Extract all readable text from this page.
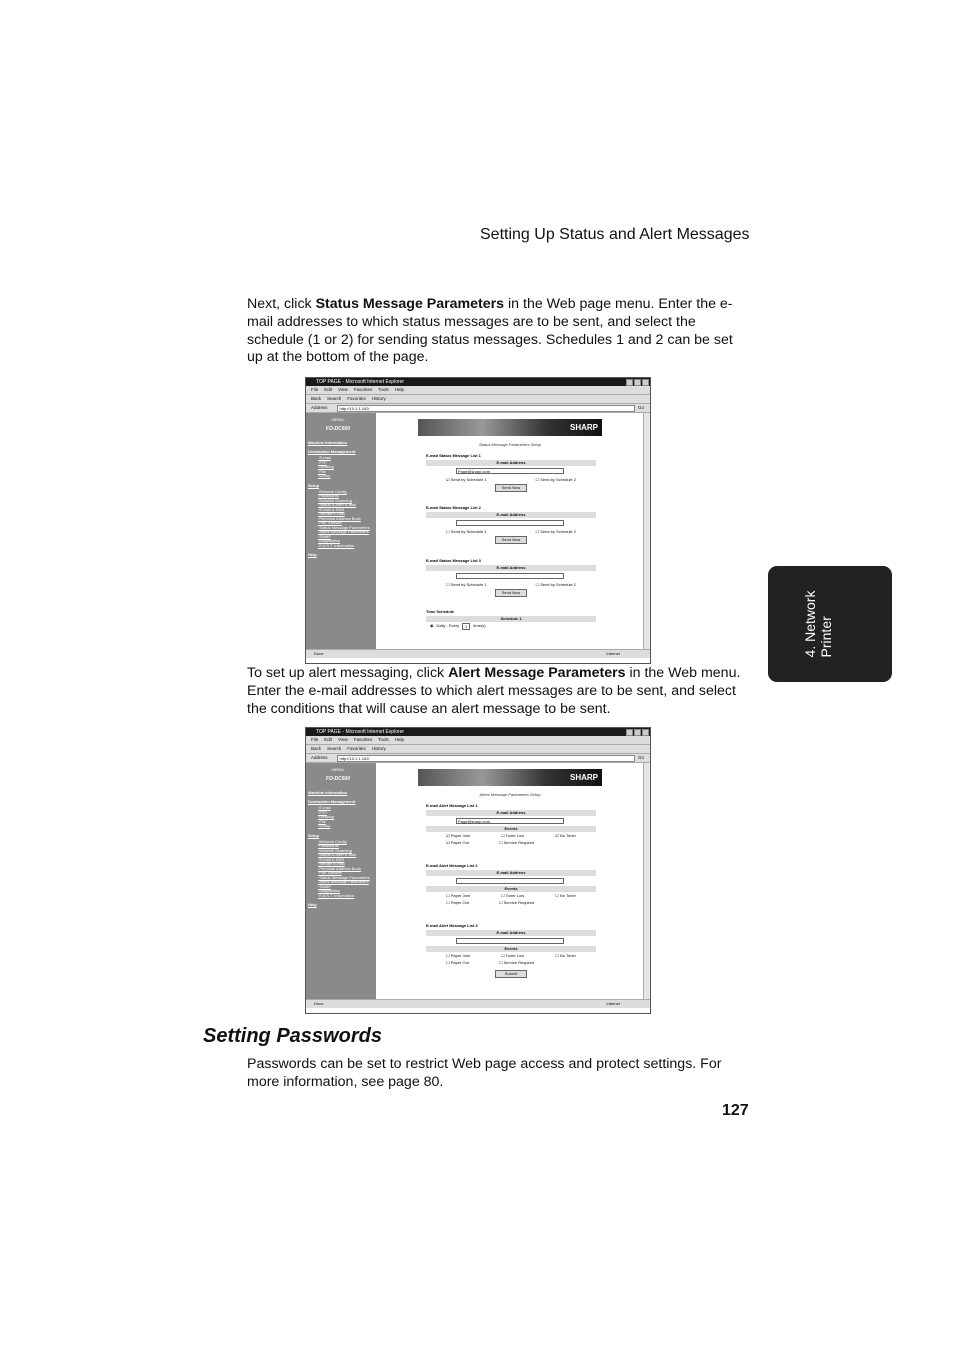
Setting Up Status and Alert Messages
Next, click Status Message Parameters in the Web page menu. Enter the e-mail addresses to which status messages are to be sent, and select the schedule (1 or 2) for sending status messages. Schedules 1 and 2 can be set up at the bottom of the page.
TOP PAGE - Microsoft Internet Explorer
File Edit View Favorites Tools Help
Back Search Favorites History
Address	http://10.1.1.162/	Go
- MENU -
FO-DC600
Machine Information
Destination Management
· E-mail
· FTP
· Desktop
· File
· Group
Setup
· Network Config
· Passwords
· Network Scanning
· Status & Alert E-mail
· E-mail & DNS
· Sender E-mail
· Personal Address Book
· Fax Transfer
· Status Message Parameters
· Alerts Message Parameters
· SNMP
· Diagnostics
· F.A.S.T. Information
Help
SHARP
Status Message Parameters Setup
E-mail Status Message List 1
E-mail Address
Page@sharp.com
☑ Send by Schedule 1	☐ Send by Schedule 2
Send Now
E-mail Status Message List 2
E-mail Address
☐ Send by Schedule 1	☐ Send by Schedule 2
Send Now
E-mail Status Message List 3
E-mail Address
☐ Send by Schedule 1	☐ Send by Schedule 2
Send Now
Time Schedule
Schedule 1
◉ Daily - Every	1	time(s)
Done	Internet
To set up alert messaging, click Alert Message Parameters in the Web menu. Enter the e-mail addresses to which alert messages are to be sent, and select the conditions that will cause an alert message to be sent.
TOP PAGE - Microsoft Internet Explorer
File Edit View Favorites Tools Help
Back Search Favorites History
Address	http://10.1.1.162/	Go
- MENU -
FO-DC600
Machine Information
Destination Management
· E-mail
· FTP
· Desktop
· File
· Group
Setup
· Network Config
· Passwords
· Network Scanning
· Status & Alert E-mail
· E-mail & DNS
· Sender E-mail
· Personal Address Book
· Fax Transfer
· Status Message Parameters
· Alerts Message Parameters
· SNMP
· Diagnostics
· F.A.S.T. Information
Help
SHARP
Alerts Message Parameters Setup
E-mail Alert Message List 1
E-mail Address
Page@sharp.com
Events
☑ Paper Jam	☐ Toner Low	☑ No Toner
☑ Paper Out	☐ Service Required
E-mail Alert Message List 2
E-mail Address
Events
☐ Paper Jam	☐ Toner Low	☐ No Toner
☐ Paper Out	☐ Service Required
E-mail Alert Message List 3
E-mail Address
Events
☐ Paper Jam	☐ Toner Low	☐ No Toner
☐ Paper Out	☐ Service Required
Submit
Done	Internet
Setting Passwords
Passwords can be set to restrict Web page access and protect settings. For more information, see page 80.
127
4. Network Printer
